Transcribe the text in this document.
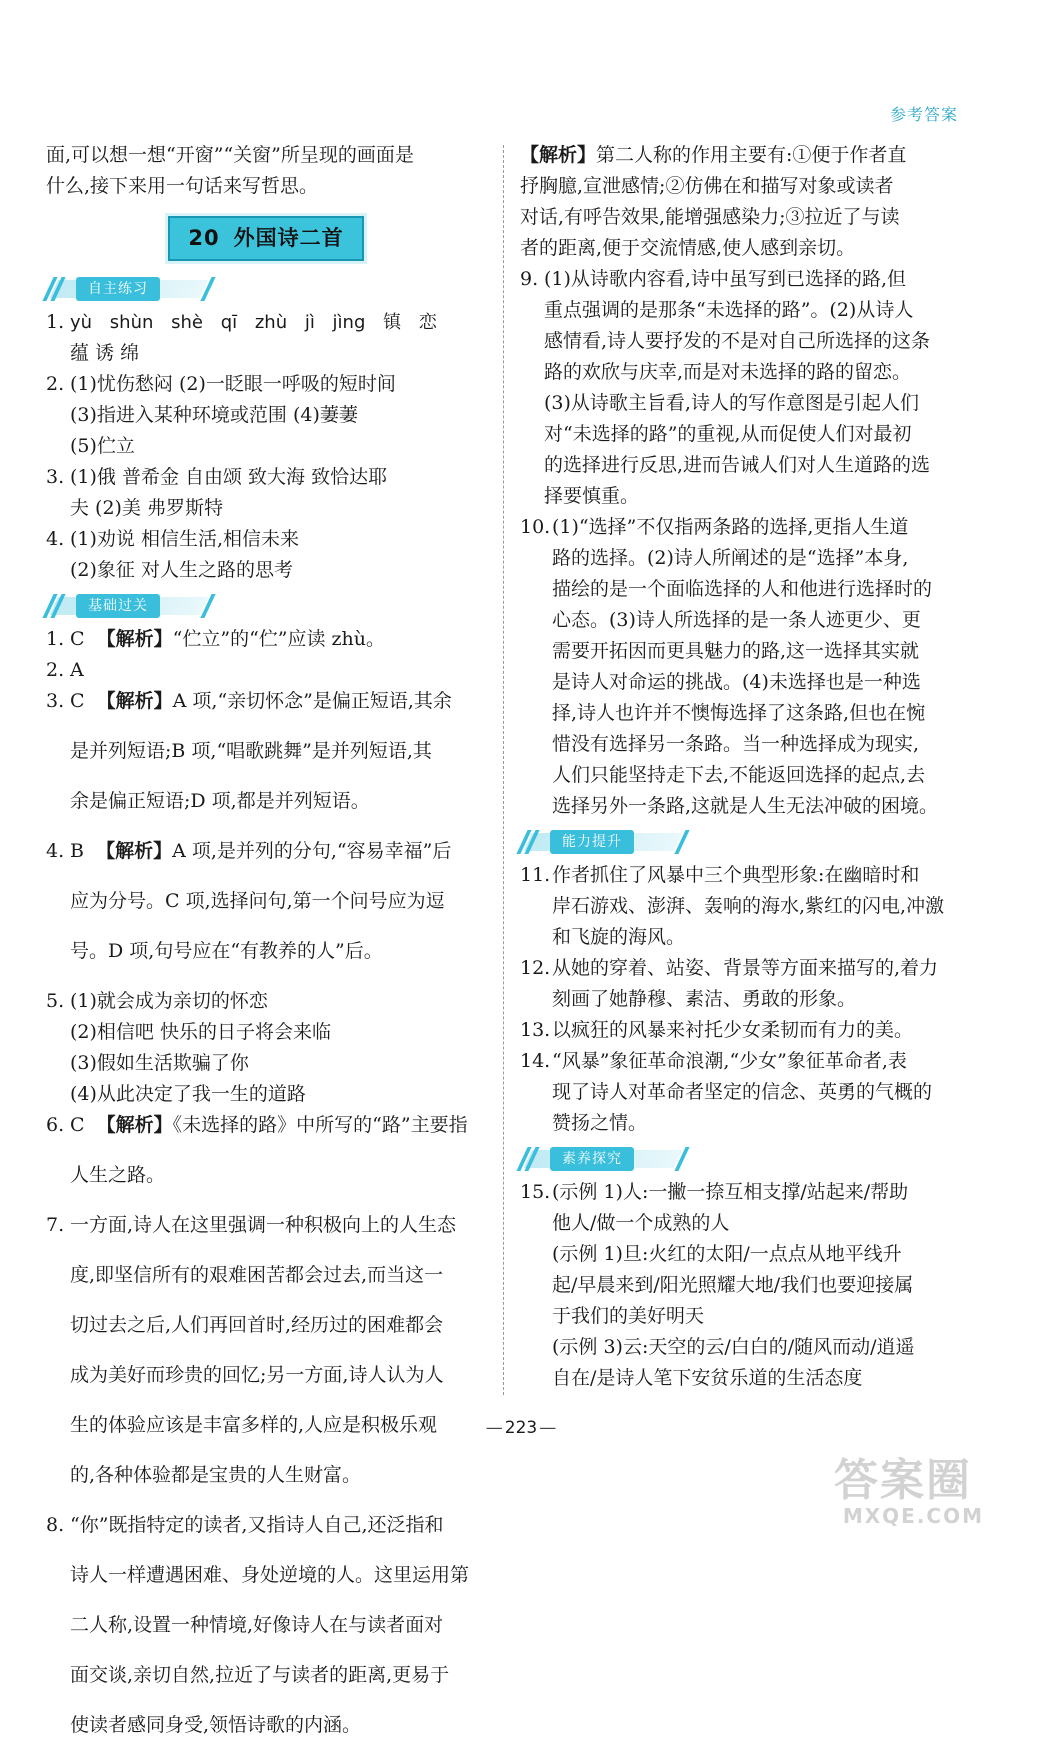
参考答案

面,可以想一想“开窗”“关窗”所呈现的画面是

什么,接下来用一句话来写哲思。

20 外国诗二首
自主练习
1. yù shùn shè qī zhù jì jìng 镇 恋

蕴 诱 绵

2. (1)忧伤愁闷 (2)一眨眼一呼吸的短时间

(3)指进入某种环境或范围 (4)萋萋

(5)伫立

3. (1)俄 普希金 自由颂 致大海 致恰达耶

夫 (2)美 弗罗斯特

4. (1)劝说 相信生活,相信未来

(2)象征 对人生之路的思考

基础过关
1. C 【解析】“伫立”的“伫”应读 zhù。
2. A
3. C 【解析】A 项,“亲切怀念”是偏正短语,其余

是并列短语;B 项,“唱歌跳舞”是并列短语,其

余是偏正短语;D 项,都是并列短语。

4. B 【解析】A 项,是并列的分句,“容易幸福”后

应为分号。C 项,选择问句,第一个问号应为逗

号。D 项,句号应在“有教养的人”后。

5. (1)就会成为亲切的怀恋

(2)相信吧 快乐的日子将会来临

(3)假如生活欺骗了你

(4)从此决定了我一生的道路

6. C 【解析】《未选择的路》中所写的“路”主要指

人生之路。

7. 一方面,诗人在这里强调一种积极向上的人生态

度,即坚信所有的艰难困苦都会过去,而当这一

切过去之后,人们再回首时,经历过的困难都会

成为美好而珍贵的回忆;另一方面,诗人认为人

生的体验应该是丰富多样的,人应是积极乐观

的,各种体验都是宝贵的人生财富。

8. “你”既指特定的读者,又指诗人自己,还泛指和

诗人一样遭遇困难、身处逆境的人。这里运用第

二人称,设置一种情境,好像诗人在与读者面对

面交谈,亲切自然,拉近了与读者的距离,更易于

使读者感同身受,领悟诗歌的内涵。

【解析】第二人称的作用主要有:①便于作者直

抒胸臆,宣泄感情;②仿佛在和描写对象或读者

对话,有呼告效果,能增强感染力;③拉近了与读

者的距离,便于交流情感,使人感到亲切。

9. (1)从诗歌内容看,诗中虽写到已选择的路,但

重点强调的是那条“未选择的路”。(2)从诗人

感情看,诗人要抒发的不是对自己所选择的这条

路的欢欣与庆幸,而是对未选择的路的留恋。

(3)从诗歌主旨看,诗人的写作意图是引起人们

对“未选择的路”的重视,从而促使人们对最初

的选择进行反思,进而告诫人们对人生道路的选

择要慎重。

10. (1)“选择”不仅指两条路的选择,更指人生道

路的选择。(2)诗人所阐述的是“选择”本身,

描绘的是一个面临选择的人和他进行选择时的

心态。(3)诗人所选择的是一条人迹更少、更

需要开拓因而更具魅力的路,这一选择其实就

是诗人对命运的挑战。(4)未选择也是一种选

择,诗人也许并不懊悔选择了这条路,但也在惋

惜没有选择另一条路。当一种选择成为现实,

人们只能坚持走下去,不能返回选择的起点,去

选择另外一条路,这就是人生无法冲破的困境。

能力提升
11. 作者抓住了风暴中三个典型形象:在幽暗时和

岸石游戏、澎湃、轰响的海水,紫红的闪电,冲激

和飞旋的海风。

12. 从她的穿着、站姿、背景等方面来描写的,着力

刻画了她静穆、素洁、勇敢的形象。

13. 以疯狂的风暴来衬托少女柔韧而有力的美。
14. “风暴”象征革命浪潮,“少女”象征革命者,表

现了诗人对革命者坚定的信念、英勇的气概的

赞扬之情。

素养探究
15. (示例 1)人:一撇一捺互相支撑/站起来/帮助

他人/做一个成熟的人

(示例 1)旦:火红的太阳/一点点从地平线升

起/早晨来到/阳光照耀大地/我们也要迎接属

于我们的美好明天

(示例 3)云:天空的云/白白的/随风而动/逍遥

自在/是诗人笔下安贫乐道的生活态度

— 223 —
答案圈
MXQE.COM
